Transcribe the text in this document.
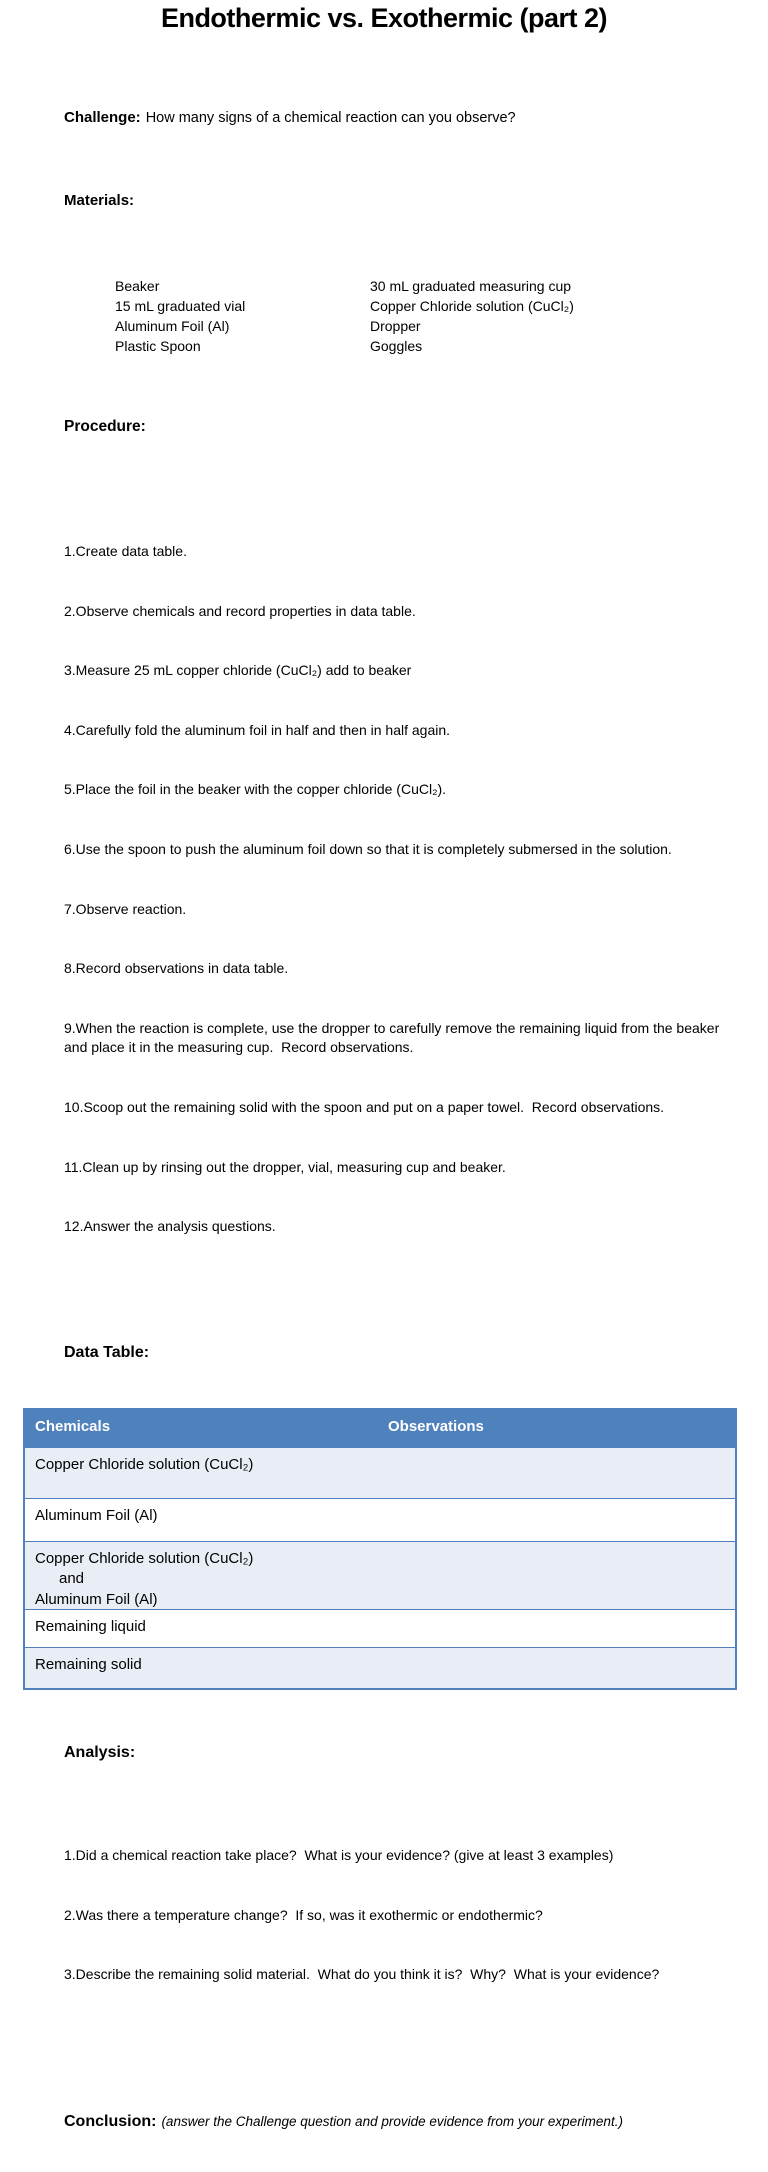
Endothermic vs. Exothermic (part 2)

Challenge: How many signs of a chemical reaction can you observe?

Materials:

Beaker
15 mL graduated vial
Aluminum Foil (Al)
Plastic Spoon
30 mL graduated measuring cup
Copper Chloride solution (CuCl₂)
Dropper
Goggles

Procedure:

1.Create data table.

2.Observe chemicals and record properties in data table.

3.Measure 25 mL copper chloride (CuCl₂) add to beaker

4.Carefully fold the aluminum foil in half and then in half again.

5.Place the foil in the beaker with the copper chloride (CuCl₂).

6.Use the spoon to push the aluminum foil down so that it is completely submersed in the solution.

7.Observe reaction.

8.Record observations in data table.

9.When the reaction is complete, use the dropper to carefully remove the remaining liquid from the beaker and place it in the measuring cup.  Record observations.

10.Scoop out the remaining solid with the spoon and put on a paper towel.  Record observations.

11.Clean up by rinsing out the dropper, vial, measuring cup and beaker.

12.Answer the analysis questions.

Data Table:

Chemicals	Observations
Copper Chloride solution (CuCl₂)
Aluminum Foil (Al)
Copper Chloride solution (CuCl₂)
and
Aluminum Foil (Al)
Remaining liquid
Remaining solid

Analysis:

1.Did a chemical reaction take place?  What is your evidence? (give at least 3 examples)

2.Was there a temperature change?  If so, was it exothermic or endothermic?

3.Describe the remaining solid material.  What do you think it is?  Why?  What is your evidence?

Conclusion: (answer the Challenge question and provide evidence from your experiment.)
